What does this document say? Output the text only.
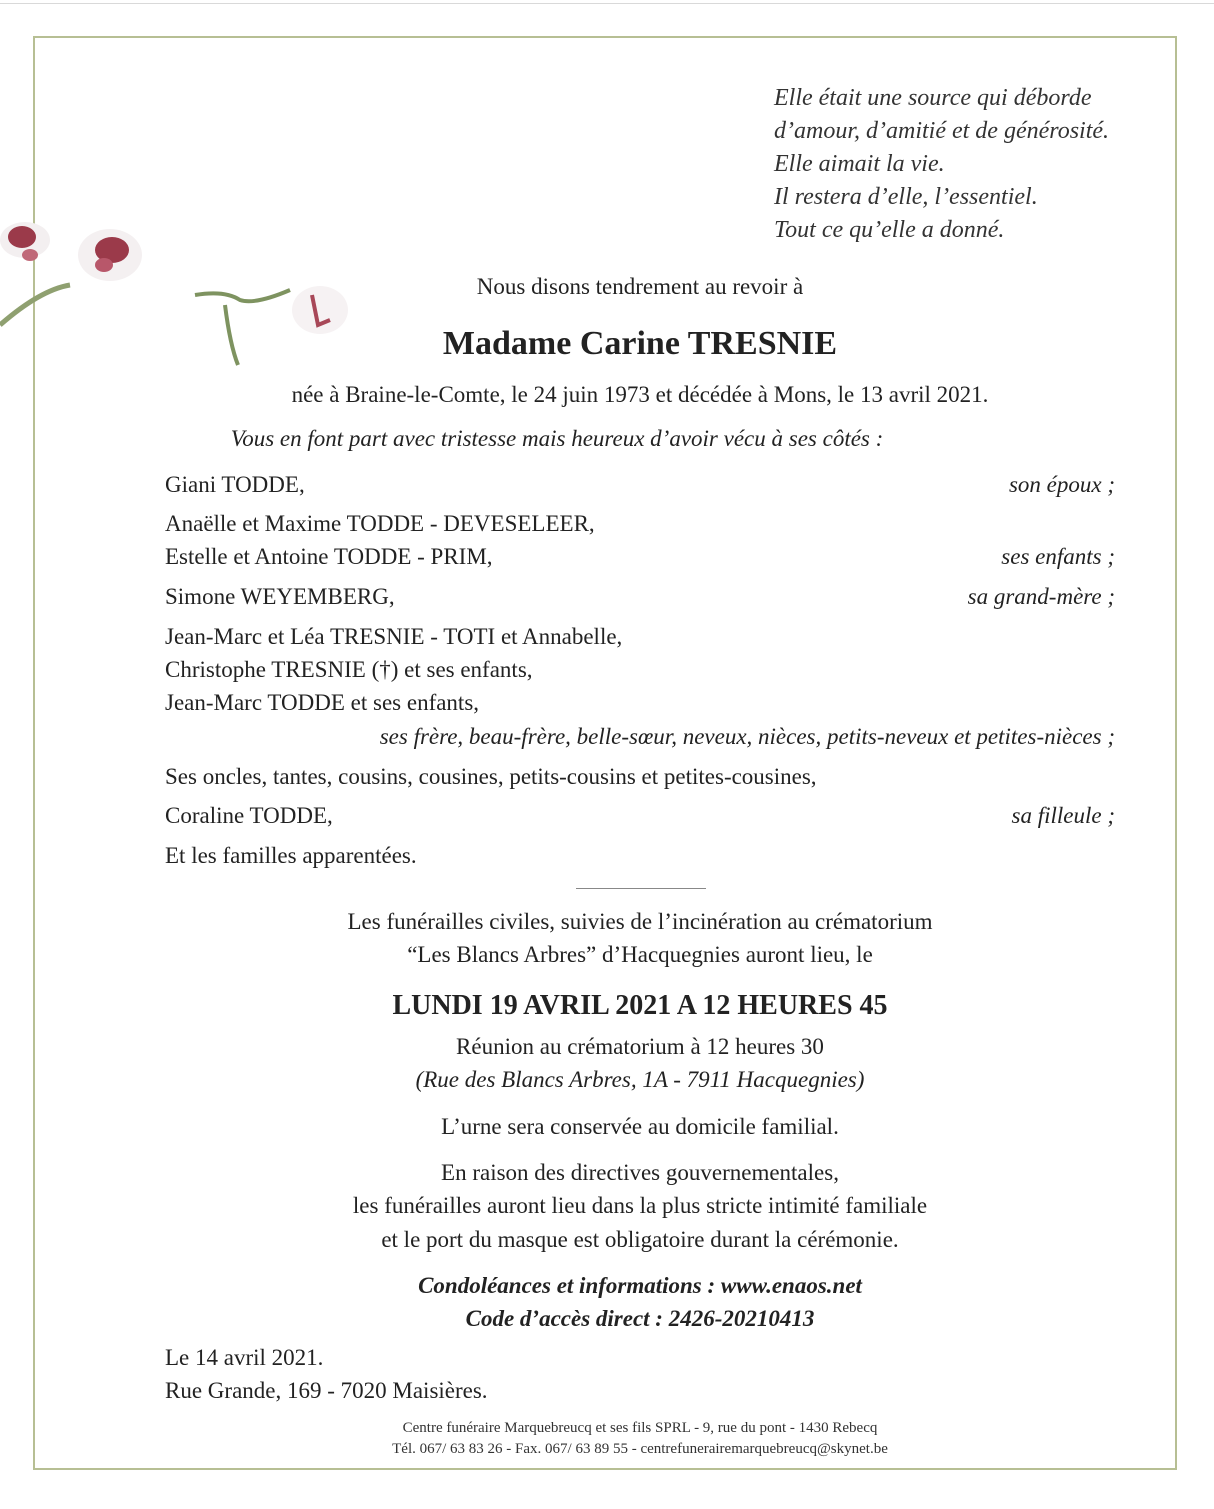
Elle était une source qui déborde
d’amour, d’amitié et de générosité.
Elle aimait la vie.
Il restera d’elle, l’essentiel.
Tout ce qu’elle a donné.
Nous disons tendrement au revoir à
Madame Carine TRESNIE
née à Braine-le-Comte, le 24 juin 1973 et décédée à Mons, le 13 avril 2021.
Vous en font part avec tristesse mais heureux d’avoir vécu à ses côtés :
Giani TODDE,	son époux ;
Anaëlle et Maxime TODDE - DEVESELEER,
Estelle et Antoine TODDE - PRIM,	ses enfants ;
Simone WEYEMBERG,	sa grand-mère ;
Jean-Marc et Léa TRESNIE - TOTI et Annabelle,
Christophe TRESNIE (†) et ses enfants,
Jean-Marc TODDE et ses enfants,
ses frère, beau-frère, belle-sœur, neveux, nièces, petits-neveux et petites-nièces ;
Ses oncles, tantes, cousins, cousines, petits-cousins et petites-cousines,
Coraline TODDE,	sa filleule ;
Et les familles apparentées.
Les funérailles civiles, suivies de l’incinération au crématorium
“Les Blancs Arbres” d’Hacquegnies auront lieu, le
LUNDI 19 AVRIL 2021 A 12 HEURES 45
Réunion au crématorium à 12 heures 30
(Rue des Blancs Arbres, 1A - 7911 Hacquegnies)
L’urne sera conservée au domicile familial.
En raison des directives gouvernementales,
les funérailles auront lieu dans la plus stricte intimité familiale
et le port du masque est obligatoire durant la cérémonie.
Condoléances et informations : www.enaos.net
Code d’accès direct : 2426-20210413
Le 14 avril 2021.
Rue Grande, 169 - 7020 Maisières.
Centre funéraire Marquebreucq et ses fils SPRL - 9, rue du pont - 1430 Rebecq
Tél. 067/ 63 83 26 - Fax. 067/ 63 89 55 - centrefunerairemarquebreucq@skynet.be
